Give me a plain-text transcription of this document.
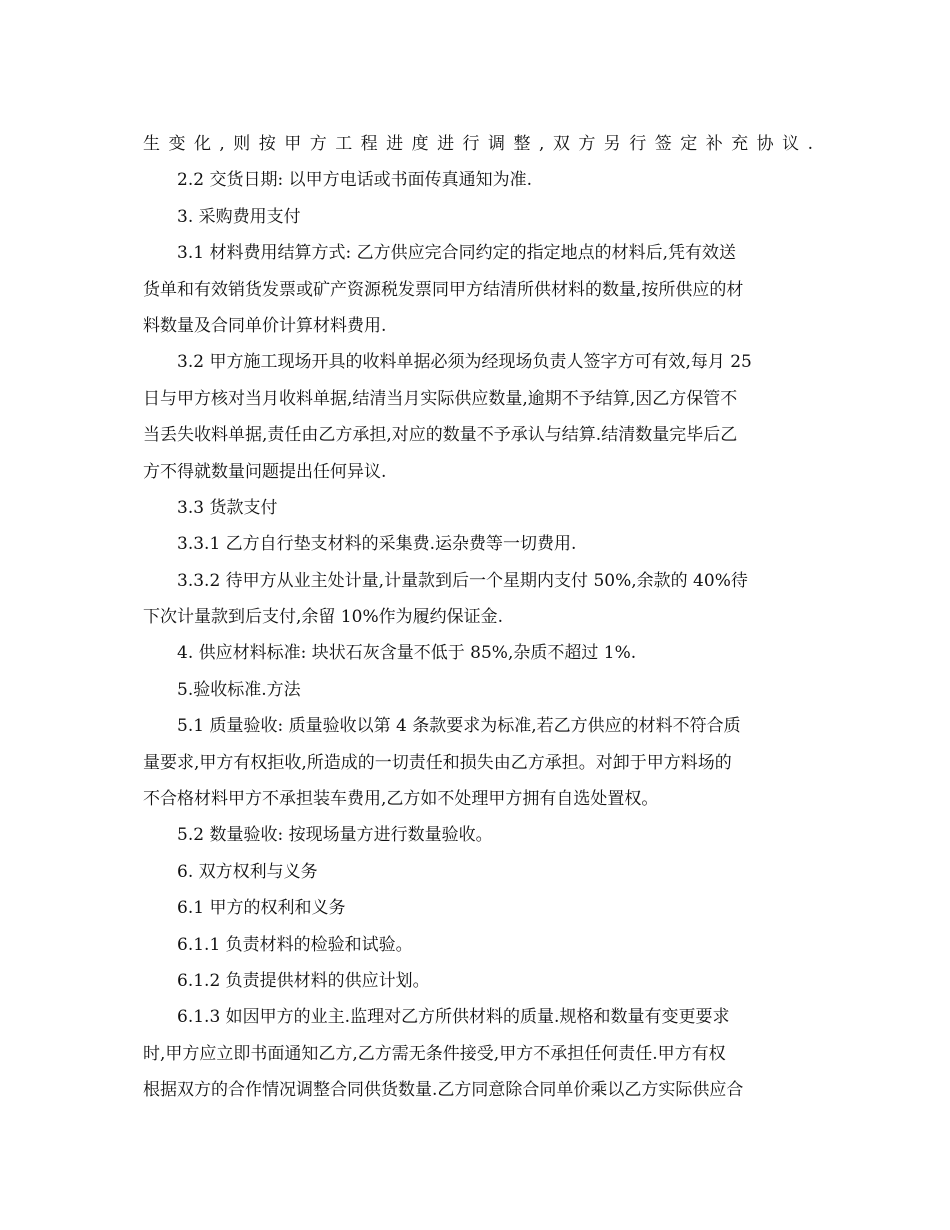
生变化,则按甲方工程进度进行调整,双方另行签定补充协议.
2.2 交货日期: 以甲方电话或书面传真通知为准.
3. 采购费用支付
3.1 材料费用结算方式: 乙方供应完合同约定的指定地点的材料后,凭有效送
货单和有效销货发票或矿产资源税发票同甲方结清所供材料的数量,按所供应的材
料数量及合同单价计算材料费用.
3.2 甲方施工现场开具的收料单据必须为经现场负责人签字方可有效,每月 25
日与甲方核对当月收料单据,结清当月实际供应数量,逾期不予结算,因乙方保管不
当丢失收料单据,责任由乙方承担,对应的数量不予承认与结算.结清数量完毕后乙
方不得就数量问题提出任何异议.
3.3 货款支付
3.3.1 乙方自行垫支材料的采集费.运杂费等一切费用.
3.3.2 待甲方从业主处计量,计量款到后一个星期内支付 50%,余款的 40%待
下次计量款到后支付,余留 10%作为履约保证金.
4. 供应材料标准: 块状石灰含量不低于 85%,杂质不超过 1%.
5.验收标准.方法
5.1 质量验收: 质量验收以第 4 条款要求为标准,若乙方供应的材料不符合质
量要求,甲方有权拒收,所造成的一切责任和损失由乙方承担。对卸于甲方料场的
不合格材料甲方不承担装车费用,乙方如不处理甲方拥有自选处置权。
5.2 数量验收: 按现场量方进行数量验收。
6. 双方权利与义务
6.1 甲方的权利和义务
6.1.1 负责材料的检验和试验。
6.1.2 负责提供材料的供应计划。
6.1.3 如因甲方的业主.监理对乙方所供材料的质量.规格和数量有变更要求
时,甲方应立即书面通知乙方,乙方需无条件接受,甲方不承担任何责任.甲方有权
根据双方的合作情况调整合同供货数量.乙方同意除合同单价乘以乙方实际供应合
